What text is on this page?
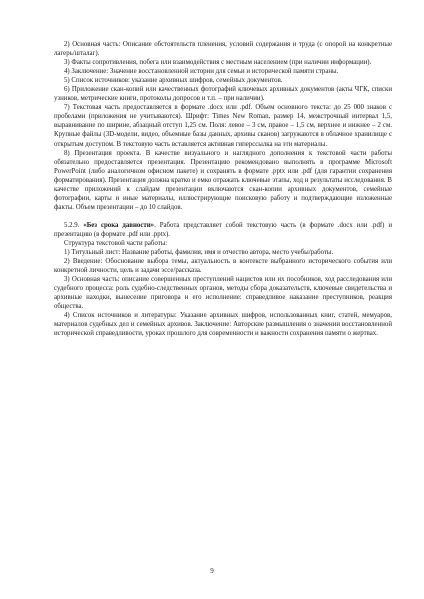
2) Основная часть: Описание обстоятельств пленения, условий содержания и труда (с опорой на конкретные лагерь/шталаг).

3) Факты сопротивления, побега или взаимодействия с местным населением (при наличии информации).

4) Заключение: Значение восстановленной истории для семьи и исторической памяти страны.

5) Список источников: указание архивных шифров, семейных документов.

6) Приложение скан-копий или качественных фотографий ключевых архивных документов (акты ЧГК, списки узников, метрические книги, протоколы допросов и т.п. – при наличии).

7) Текстовая часть предоставляется в формате .docx или .pdf. Объем основного текста: до 25 000 знаков с пробелами (приложения не учитываются). Шрифт: Times New Roman, размер 14, межстрочный интервал 1,5, выравнивание по ширине, абзацный отступ 1,25 см. Поля: левое – 3 см, правое – 1,5 см, верхнее и нижнее – 2 см. Крупные файлы (3D-модели, видео, объемные базы данных, архивы сканов) загружаются в облачное хранилище с открытым доступом. В текстовую часть вставляется активная гиперссылка на эти материалы.

8) Презентация проекта. В качестве визуального и наглядного дополнения к текстовой части работы обязательно предоставляется презентация. Презентацию рекомендовано выполнять в программе Microsoft PowerPoint (либо аналогичном офисном пакете) и сохранять в формате .pptx или .pdf (для гарантии сохранения форматирования). Презентация должна кратко и емко отражать ключевые этапы, ход и результаты исследования. В качестве приложений к слайдам презентации включаются скан-копии архивных документов, семейные фотографии, карты и иные материалы, иллюстрирующие поисковую работу и подтверждающие изложенные факты. Объем презентации – до 10 слайдов.

5.2.9. «Без срока давности». Работа представляет собой текстовую часть (в формате .docx или .pdf) и презентацию (в формате .pdf или .pptx).

Структура текстовой части работы:

1) Титульный лист: Название работы, фамилия, имя и отчество автора, место учебы/работы.

2) Введение: Обоснование выбора темы, актуальность в контексте выбранного исторического события или конкретной личности, цель и задачи эссе/рассказа.

3) Основная часть: описание совершенных преступлений нацистов или их пособников, ход расследования или судебного процесса: роль судебно-следственных органов, методы сбора доказательств, ключевые свидетельства и архивные находки, вынесение приговора и его исполнение: справедливое наказание преступников, реакция общества.

4) Список источников и литературы: Указание архивных шифров, использованных книг, статей, мемуаров, материалов судебных дел и семейных архивов. Заключение: Авторские размышления о значении восстановленной исторической справедливости, уроках прошлого для современности и важности сохранения памяти о жертвах.

9
